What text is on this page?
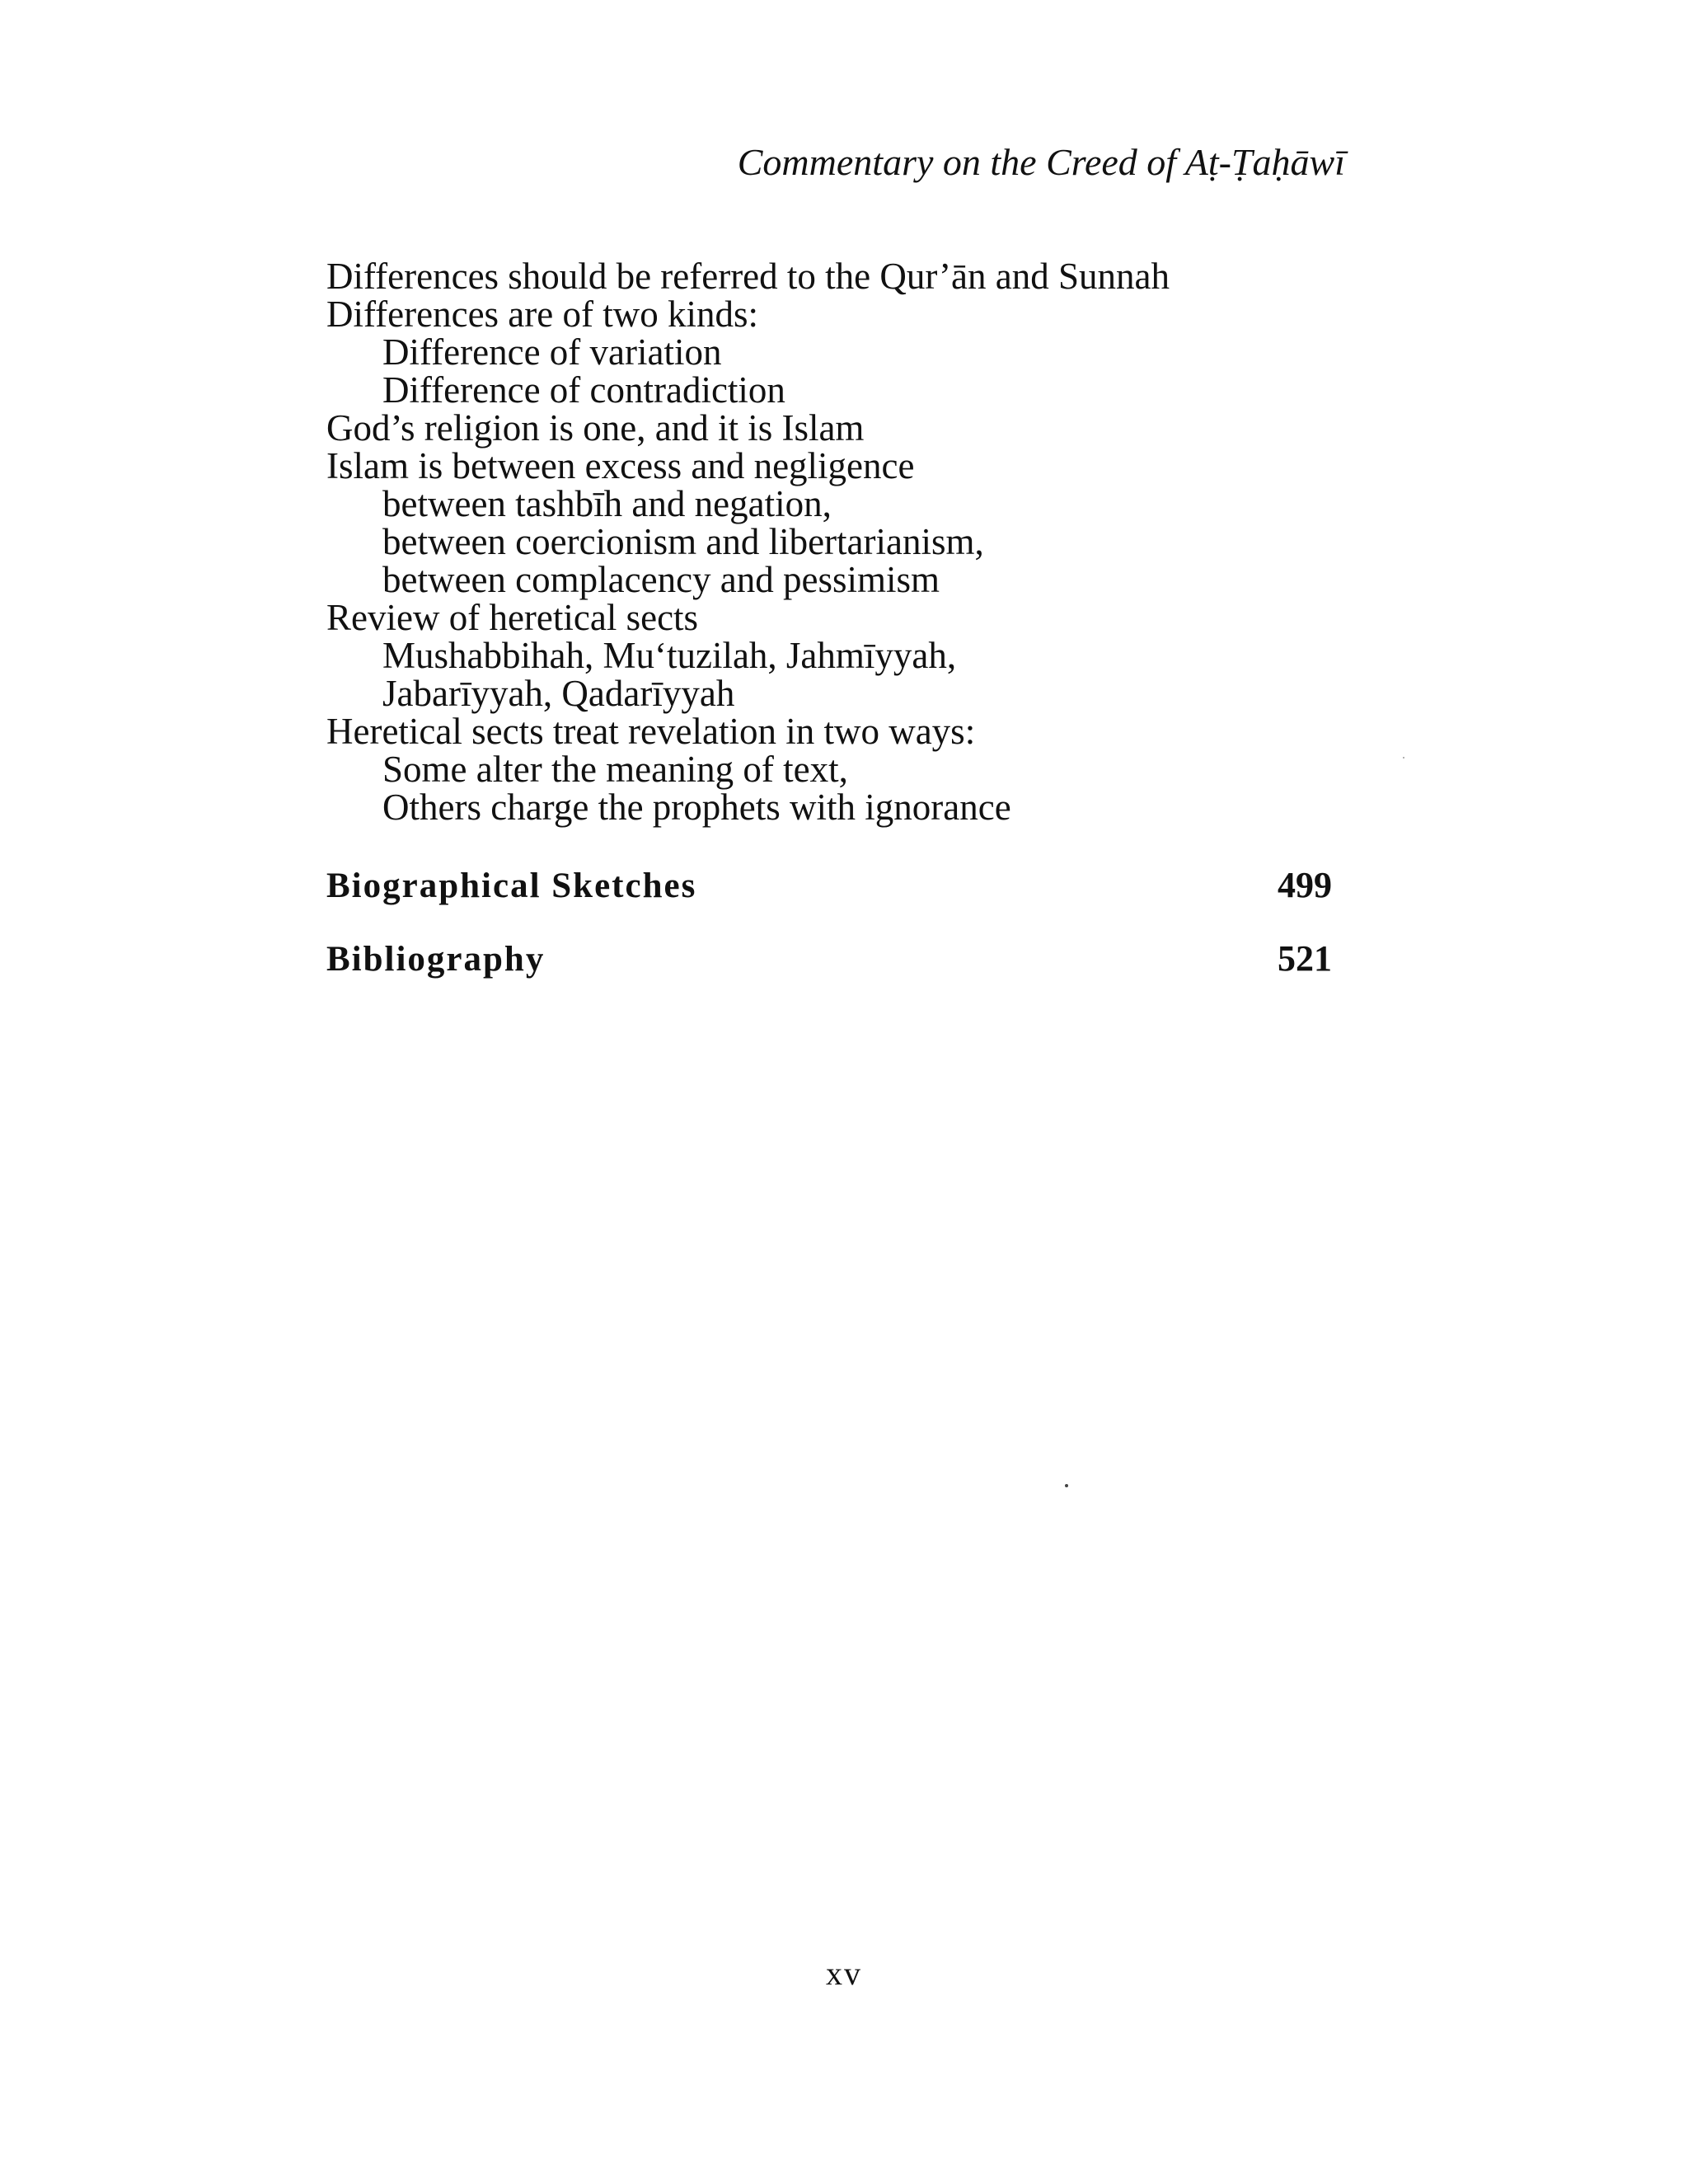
Commentary on the Creed of Aṭ-Ṭaḥāwī
Differences should be referred to the Qur’ān and Sunnah
Differences are of two kinds:
Difference of variation
Difference of contradiction
God’s religion is one, and it is Islam
Islam is between excess and negligence
between tashbīh and negation,
between coercionism and libertarianism,
between complacency and pessimism
Review of heretical sects
Mushabbihah, Mu‘tuzilah, Jahmīyyah,
Jabarīyyah, Qadarīyyah
Heretical sects treat revelation in two ways:
Some alter the meaning of text,
Others charge the prophets with ignorance
Biographical Sketches	499
Bibliography	521
xv
